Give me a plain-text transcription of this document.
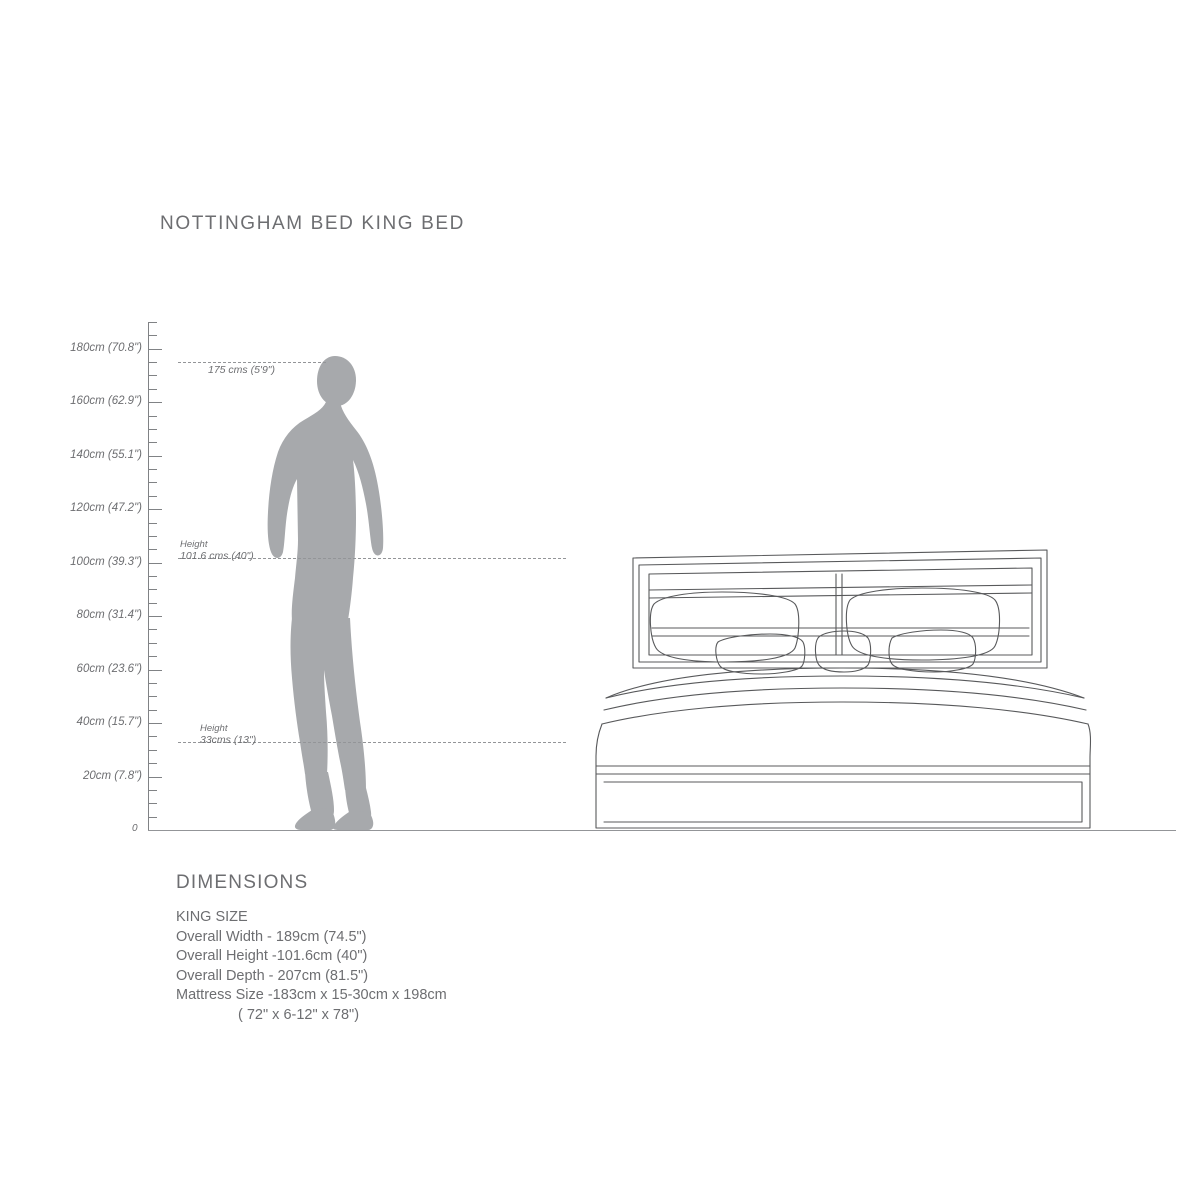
NOTTINGHAM BED KING BED
0
180cm (70.8")
160cm (62.9")
140cm (55.1")
120cm (47.2")
100cm (39.3")
80cm (31.4")
60cm (23.6")
40cm (15.7")
20cm (7.8")
175 cms (5'9")
Height
101.6 cms (40")
Height
33cms (13")
DIMENSIONS
KING SIZE
Overall Width - 189cm (74.5")
Overall Height -101.6cm (40")
Overall Depth - 207cm (81.5")
Mattress Size -183cm x 15-30cm x 198cm
( 72" x 6-12" x 78")
